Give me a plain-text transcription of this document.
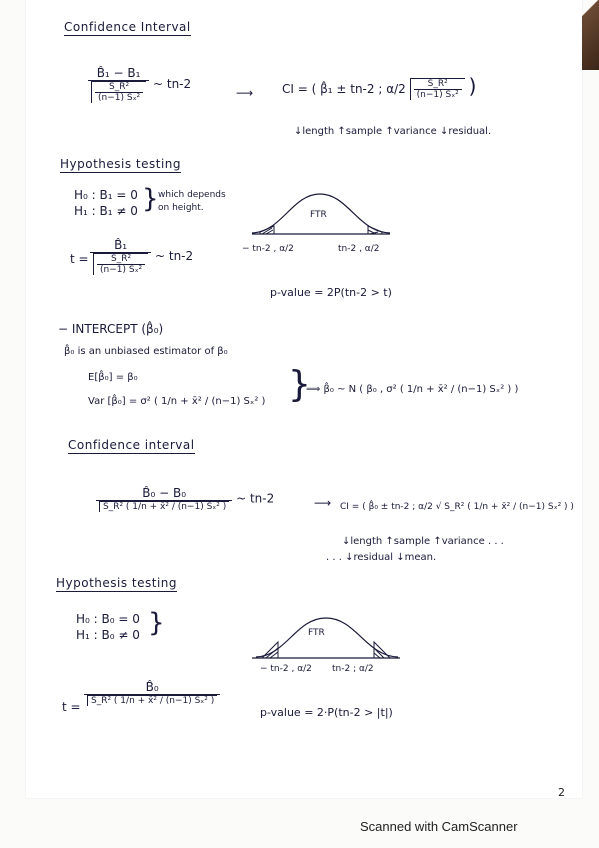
Confidence Interval
$\frac{\text{B̂₁ − B₁}}{\frac{\text{S\_R²}}{\text{(n−1) Sₓ²}}}$ ~ tn-2
⟶ CI = ( β̂₁ ± tn-2 ; $\alpha/2 \frac{\text{S\_R²}}{\text{(n−1) Sₓ²}}$ )
↓length ↑sample ↑variance ↓residual.
Hypothesis testing
H₀ : B₁ = 0
H₁ : B₁ ≠ 0 } which depends
on height.
FTR
− tn-2 , α/2	tn-2 , α/2
$t = \frac{\text{B̂₁}}{\frac{\text{S\_R²}}{\text{(n−1) Sₓ²}}}$ ~ tn-2
p-value = 2P(tn-2 > t)
− INTERCEPT (β̂₀)
β̂₀ is an unbiased estimator of β₀
E[β̂₀] = β₀
Var [β̂₀] = σ² ( 1/n + x̄² / (n−1) Sₓ² ) }
⟹ β̂₀ ~ N ( β₀ , σ² ( 1/n + x̄² / (n−1) Sₓ² ) )
Confidence interval
$\frac{\text{B̂₀ − B₀}}{\text{S\_R² ( 1/n + x̄² / (n−1) Sₓ² )}}$ ~ tn-2	⟶ CI = ( β̂₀ ± tn-2 ; α/2 √ S_R² ( 1/n + x̄² / (n−1) Sₓ² ) )
↓length ↑sample ↑variance . . .
. . . ↓residual ↓mean.
Hypothesis testing
H₀ : B₀ = 0
H₁ : B₀ ≠ 0 }	FTR
− tn-2 , α/2 tn-2 ; α/2
t =
$\frac{\text{B̂₀}}{\text{S\_R² ( 1/n + x̄² / (n−1) Sₓ² )}}$
p-value = 2·P(tn-2 > |t|)
2
Scanned with CamScanner
